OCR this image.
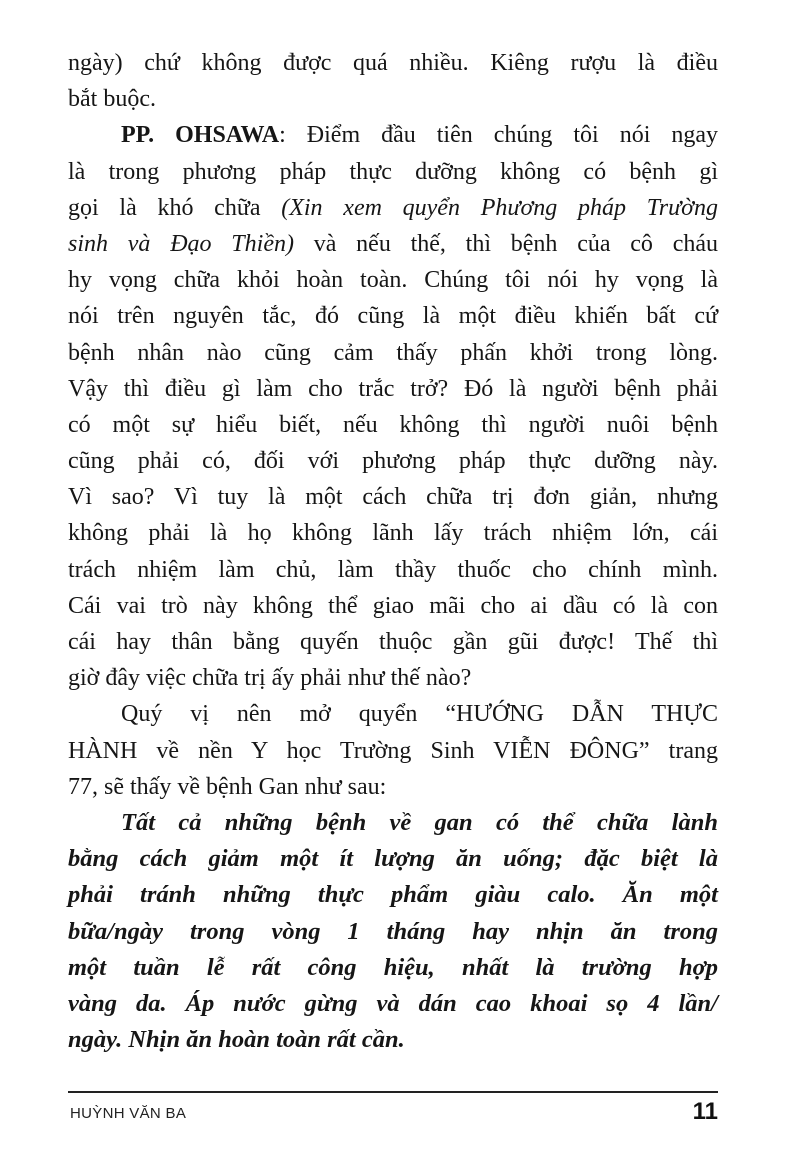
ngày) chứ không được quá nhiều. Kiêng rượu là điều
bắt buộc.
PP. OHSAWA: Điểm đầu tiên chúng tôi nói ngay
là trong phương pháp thực dưỡng không có bệnh gì
gọi là khó chữa (Xin xem quyển Phương pháp Trường
sinh và Đạo Thiền) và nếu thế, thì bệnh của cô cháu
hy vọng chữa khỏi hoàn toàn. Chúng tôi nói hy vọng là
nói trên nguyên tắc, đó cũng là một điều khiến bất cứ
bệnh nhân nào cũng cảm thấy phấn khởi trong lòng.
Vậy thì điều gì làm cho trắc trở? Đó là người bệnh phải
có một sự hiểu biết, nếu không thì người nuôi bệnh
cũng phải có, đối với phương pháp thực dưỡng này.
Vì sao? Vì tuy là một cách chữa trị đơn giản, nhưng
không phải là họ không lãnh lấy trách nhiệm lớn, cái
trách nhiệm làm chủ, làm thầy thuốc cho chính mình.
Cái vai trò này không thể giao mãi cho ai dầu có là con
cái hay thân bằng quyến thuộc gần gũi được! Thế thì
giờ đây việc chữa trị ấy phải như thế nào?
Quý vị nên mở quyển “HƯỚNG DẪN THỰC
HÀNH về nền Y học Trường Sinh VIỄN ĐÔNG” trang
77, sẽ thấy về bệnh Gan như sau:
Tất cả những bệnh về gan có thể chữa lành
bằng cách giảm một ít lượng ăn uống; đặc biệt là
phải tránh những thực phẩm giàu calo. Ăn một
bữa/ngày trong vòng 1 tháng hay nhịn ăn trong
một tuần lễ rất công hiệu, nhất là trường hợp
vàng da. Áp nước gừng và dán cao khoai sọ 4 lần/
ngày. Nhịn ăn hoàn toàn rất cần.
HUỲNH VĂN BA	11
